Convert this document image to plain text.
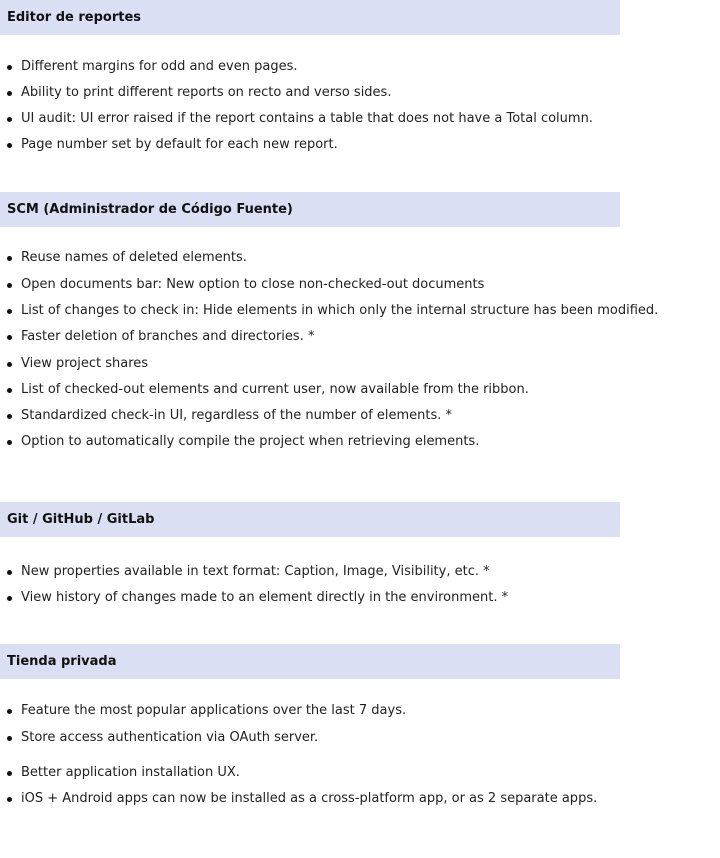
Editor de reportes
Different margins for odd and even pages.
Ability to print different reports on recto and verso sides.
UI audit: UI error raised if the report contains a table that does not have a Total column.
Page number set by default for each new report.
SCM (Administrador de Código Fuente)
Reuse names of deleted elements.
Open documents bar: New option to close non-checked-out documents
List of changes to check in: Hide elements in which only the internal structure has been modified.
Faster deletion of branches and directories. *
View project shares
List of checked-out elements and current user, now available from the ribbon.
Standardized check-in UI, regardless of the number of elements. *
Option to automatically compile the project when retrieving elements.
Git / GitHub / GitLab
New properties available in text format: Caption, Image, Visibility, etc. *
View history of changes made to an element directly in the environment. *
Tienda privada
Feature the most popular applications over the last 7 days.
Store access authentication via OAuth server.
Better application installation UX.
iOS + Android apps can now be installed as a cross-platform app, or as 2 separate apps.
